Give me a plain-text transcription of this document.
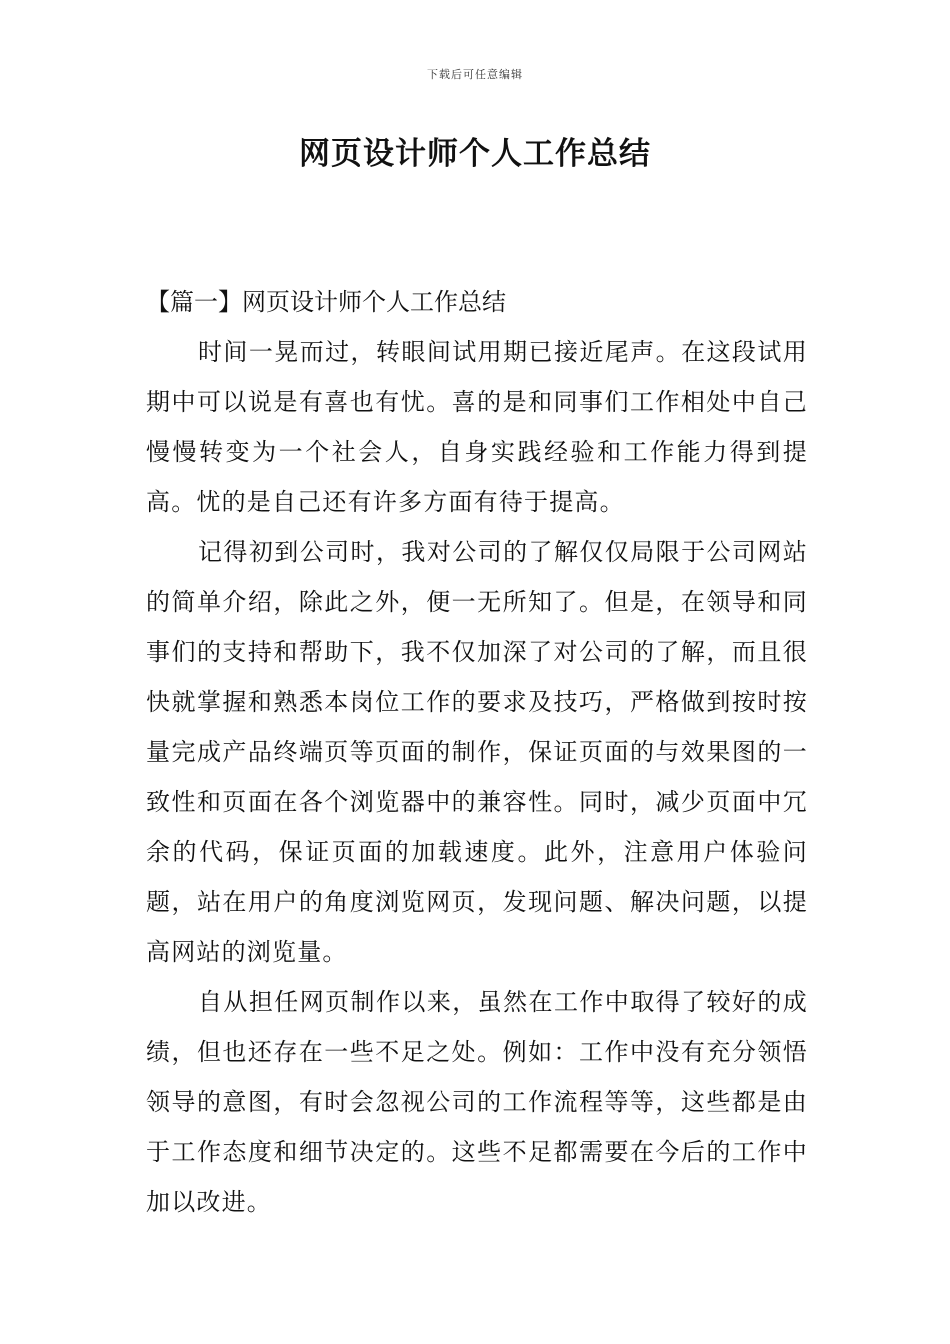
下载后可任意编辑
网页设计师个人工作总结

【篇一】网页设计师个人工作总结

时间一晃而过，转眼间试用期已接近尾声。在这段试用期中可以说是有喜也有忧。喜的是和同事们工作相处中自己慢慢转变为一个社会人，自身实践经验和工作能力得到提高。忧的是自己还有许多方面有待于提高。

记得初到公司时，我对公司的了解仅仅局限于公司网站的简单介绍，除此之外，便一无所知了。但是，在领导和同事们的支持和帮助下，我不仅加深了对公司的了解，而且很快就掌握和熟悉本岗位工作的要求及技巧，严格做到按时按量完成产品终端页等页面的制作，保证页面的与效果图的一致性和页面在各个浏览器中的兼容性。同时，减少页面中冗余的代码，保证页面的加载速度。此外，注意用户体验问题，站在用户的角度浏览网页，发现问题、解决问题，以提高网站的浏览量。

自从担任网页制作以来，虽然在工作中取得了较好的成绩，但也还存在一些不足之处。例如：工作中没有充分领悟领导的意图，有时会忽视公司的工作流程等等，这些都是由于工作态度和细节决定的。这些不足都需要在今后的工作中加以改进。
